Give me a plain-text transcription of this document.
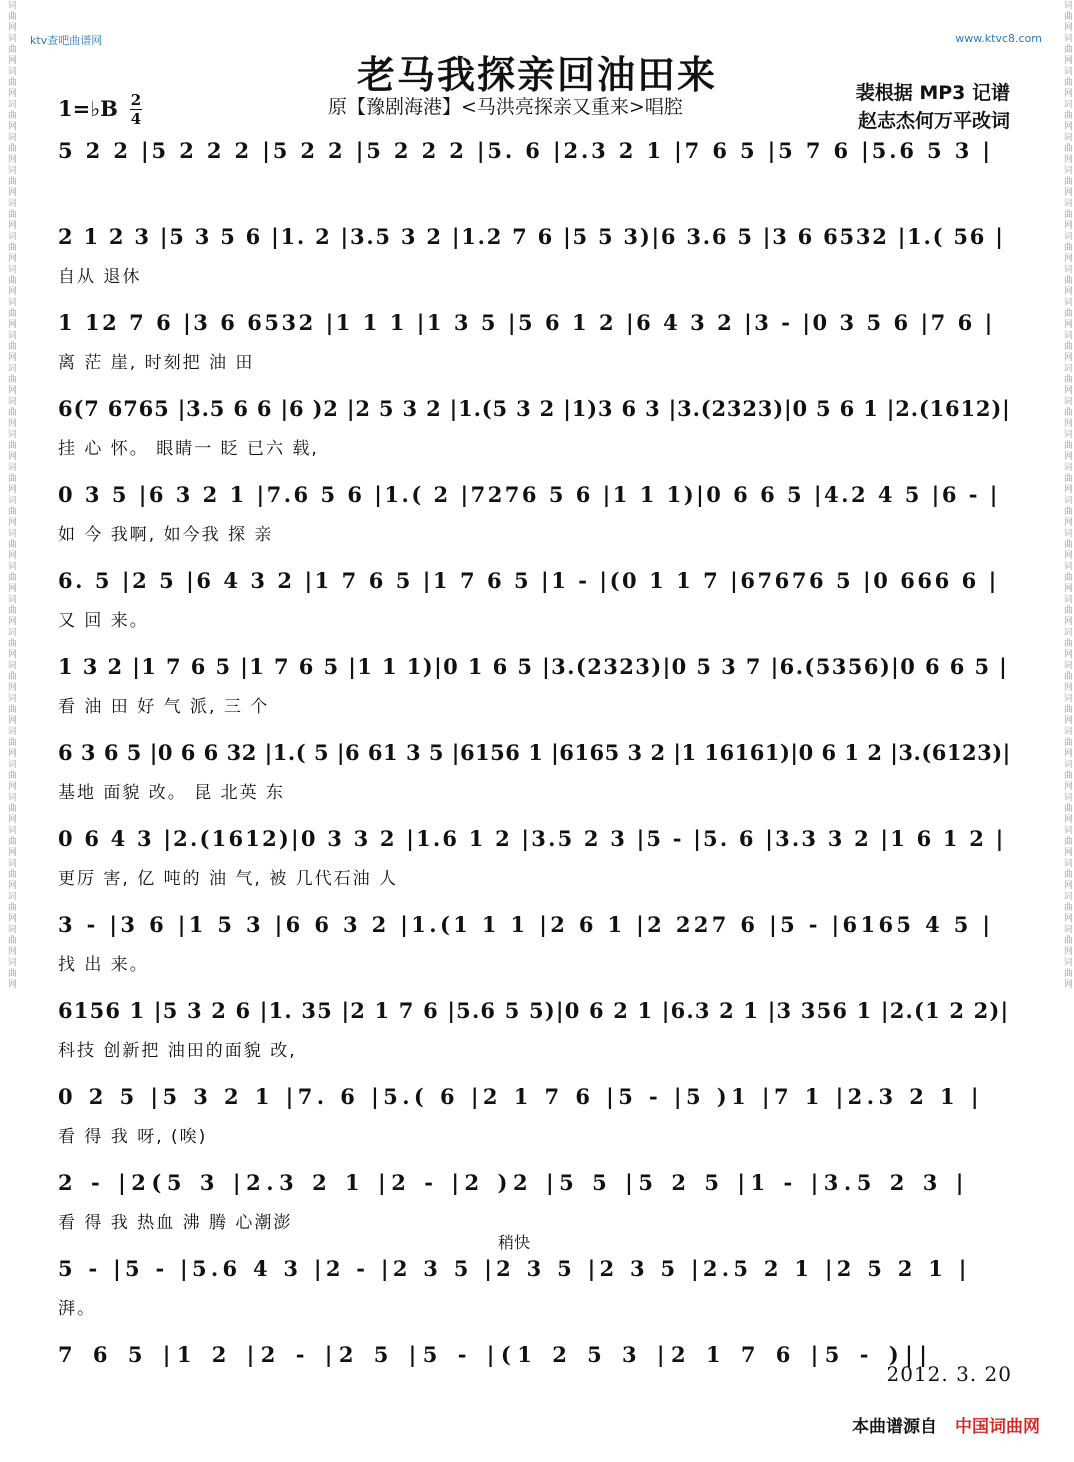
词曲网词曲网词曲网词曲网词曲网词曲网词曲网词曲网词曲网词曲网词曲网词曲网词曲网词曲网词曲网词曲网词曲网词曲网词曲网词曲网词曲网词曲网词曲网词曲网词曲网词曲网词曲网词曲网词曲网词曲网	词曲网词曲网词曲网词曲网词曲网词曲网词曲网词曲网词曲网词曲网词曲网词曲网词曲网词曲网词曲网词曲网词曲网词曲网词曲网词曲网词曲网词曲网词曲网词曲网词曲网词曲网词曲网词曲网词曲网词曲网
ktv查吧曲谱网	www.ktvc8.com
老马我探亲回油田来
原【豫剧海港】<马洪亮探亲又重来>唱腔
1=♭B 2
4
裴根据 MP3 记谱
赵志杰何万平改词
5 2 2 |5 2 2 2 |5 2 2 |5 2 2 2 |5. 6 |2.3 2 1 |7 6 5 |5 7 6 |5.6 5 3 |
2 1 2 3 |5 3 5 6 |1. 2 |3.5 3 2 |1.2 7 6 |5 5 3)|6 3.6 5 |3 6 6532 |1.( 56 |
自从 退休
1 12 7 6 |3 6 6532 |1 1 1 |1 3 5 |5 6 1 2 |6 4 3 2 |3 - |0 3 5 6 |7 6 |
离 茫 崖, 时刻把 油 田
6(7 6765 |3.5 6 6 |6 )2 |2 5 3 2 |1.(5 3 2 |1)3 6 3 |3.(2323)|0 5 6 1 |2.(1612)|
挂 心 怀。 眼睛一 眨 已六 载,
0 3 5 |6 3 2 1 |7.6 5 6 |1.( 2 |7276 5 6 |1 1 1)|0 6 6 5 |4.2 4 5 |6 - |
如 今 我啊, 如今我 探 亲
6. 5 |2 5 |6 4 3 2 |1 7 6 5 |1 7 6 5 |1 - |(0 1 1 7 |67676 5 |0 666 6 |
又 回 来。
1 3 2 |1 7 6 5 |1 7 6 5 |1 1 1)|0 1 6 5 |3.(2323)|0 5 3 7 |6.(5356)|0 6 6 5 |
看 油 田 好 气 派, 三 个
6 3 6 5 |0 6 6 32 |1.( 5 |6 61 3 5 |6156 1 |6165 3 2 |1 16161)|0 6 1 2 |3.(6123)|
基地 面貌 改。 昆 北英 东
0 6 4 3 |2.(1612)|0 3 3 2 |1.6 1 2 |3.5 2 3 |5 - |5. 6 |3.3 3 2 |1 6 1 2 |
更厉 害, 亿 吨的 油 气, 被 几代石油 人
3 - |3 6 |1 5 3 |6 6 3 2 |1.(1 1 1 |2 6 1 |2 227 6 |5 - |6165 4 5 |
找 出 来。
6156 1 |5 3 2 6 |1. 35 |2 1 7 6 |5.6 5 5)|0 6 2 1 |6.3 2 1 |3 356 1 |2.(1 2 2)|
科技 创新把 油田的面貌 改,
0 2 5 |5 3 2 1 |7. 6 |5.( 6 |2 1 7 6 |5 - |5 )1 |7 1 |2.3 2 1 |
看 得 我 呀, (唉)
2 - |2(5 3 |2.3 2 1 |2 - |2 )2 |5 5 |5 2 5 |1 - |3.5 2 3 |
看 得 我 热血 沸 腾 心潮澎
5 - |5 - |5.6 4 3 |2 - |2 3 5 |2 3 5 |2 3 5 |2.5 2 1 |2 5 2 1 |
湃。
稍快
7 6 5 |1 2 |2 - |2 5 |5 - |(1 2 5 3 |2 1 7 6 |5 - )||
2012. 3. 20
本曲谱源自 中国词曲网
